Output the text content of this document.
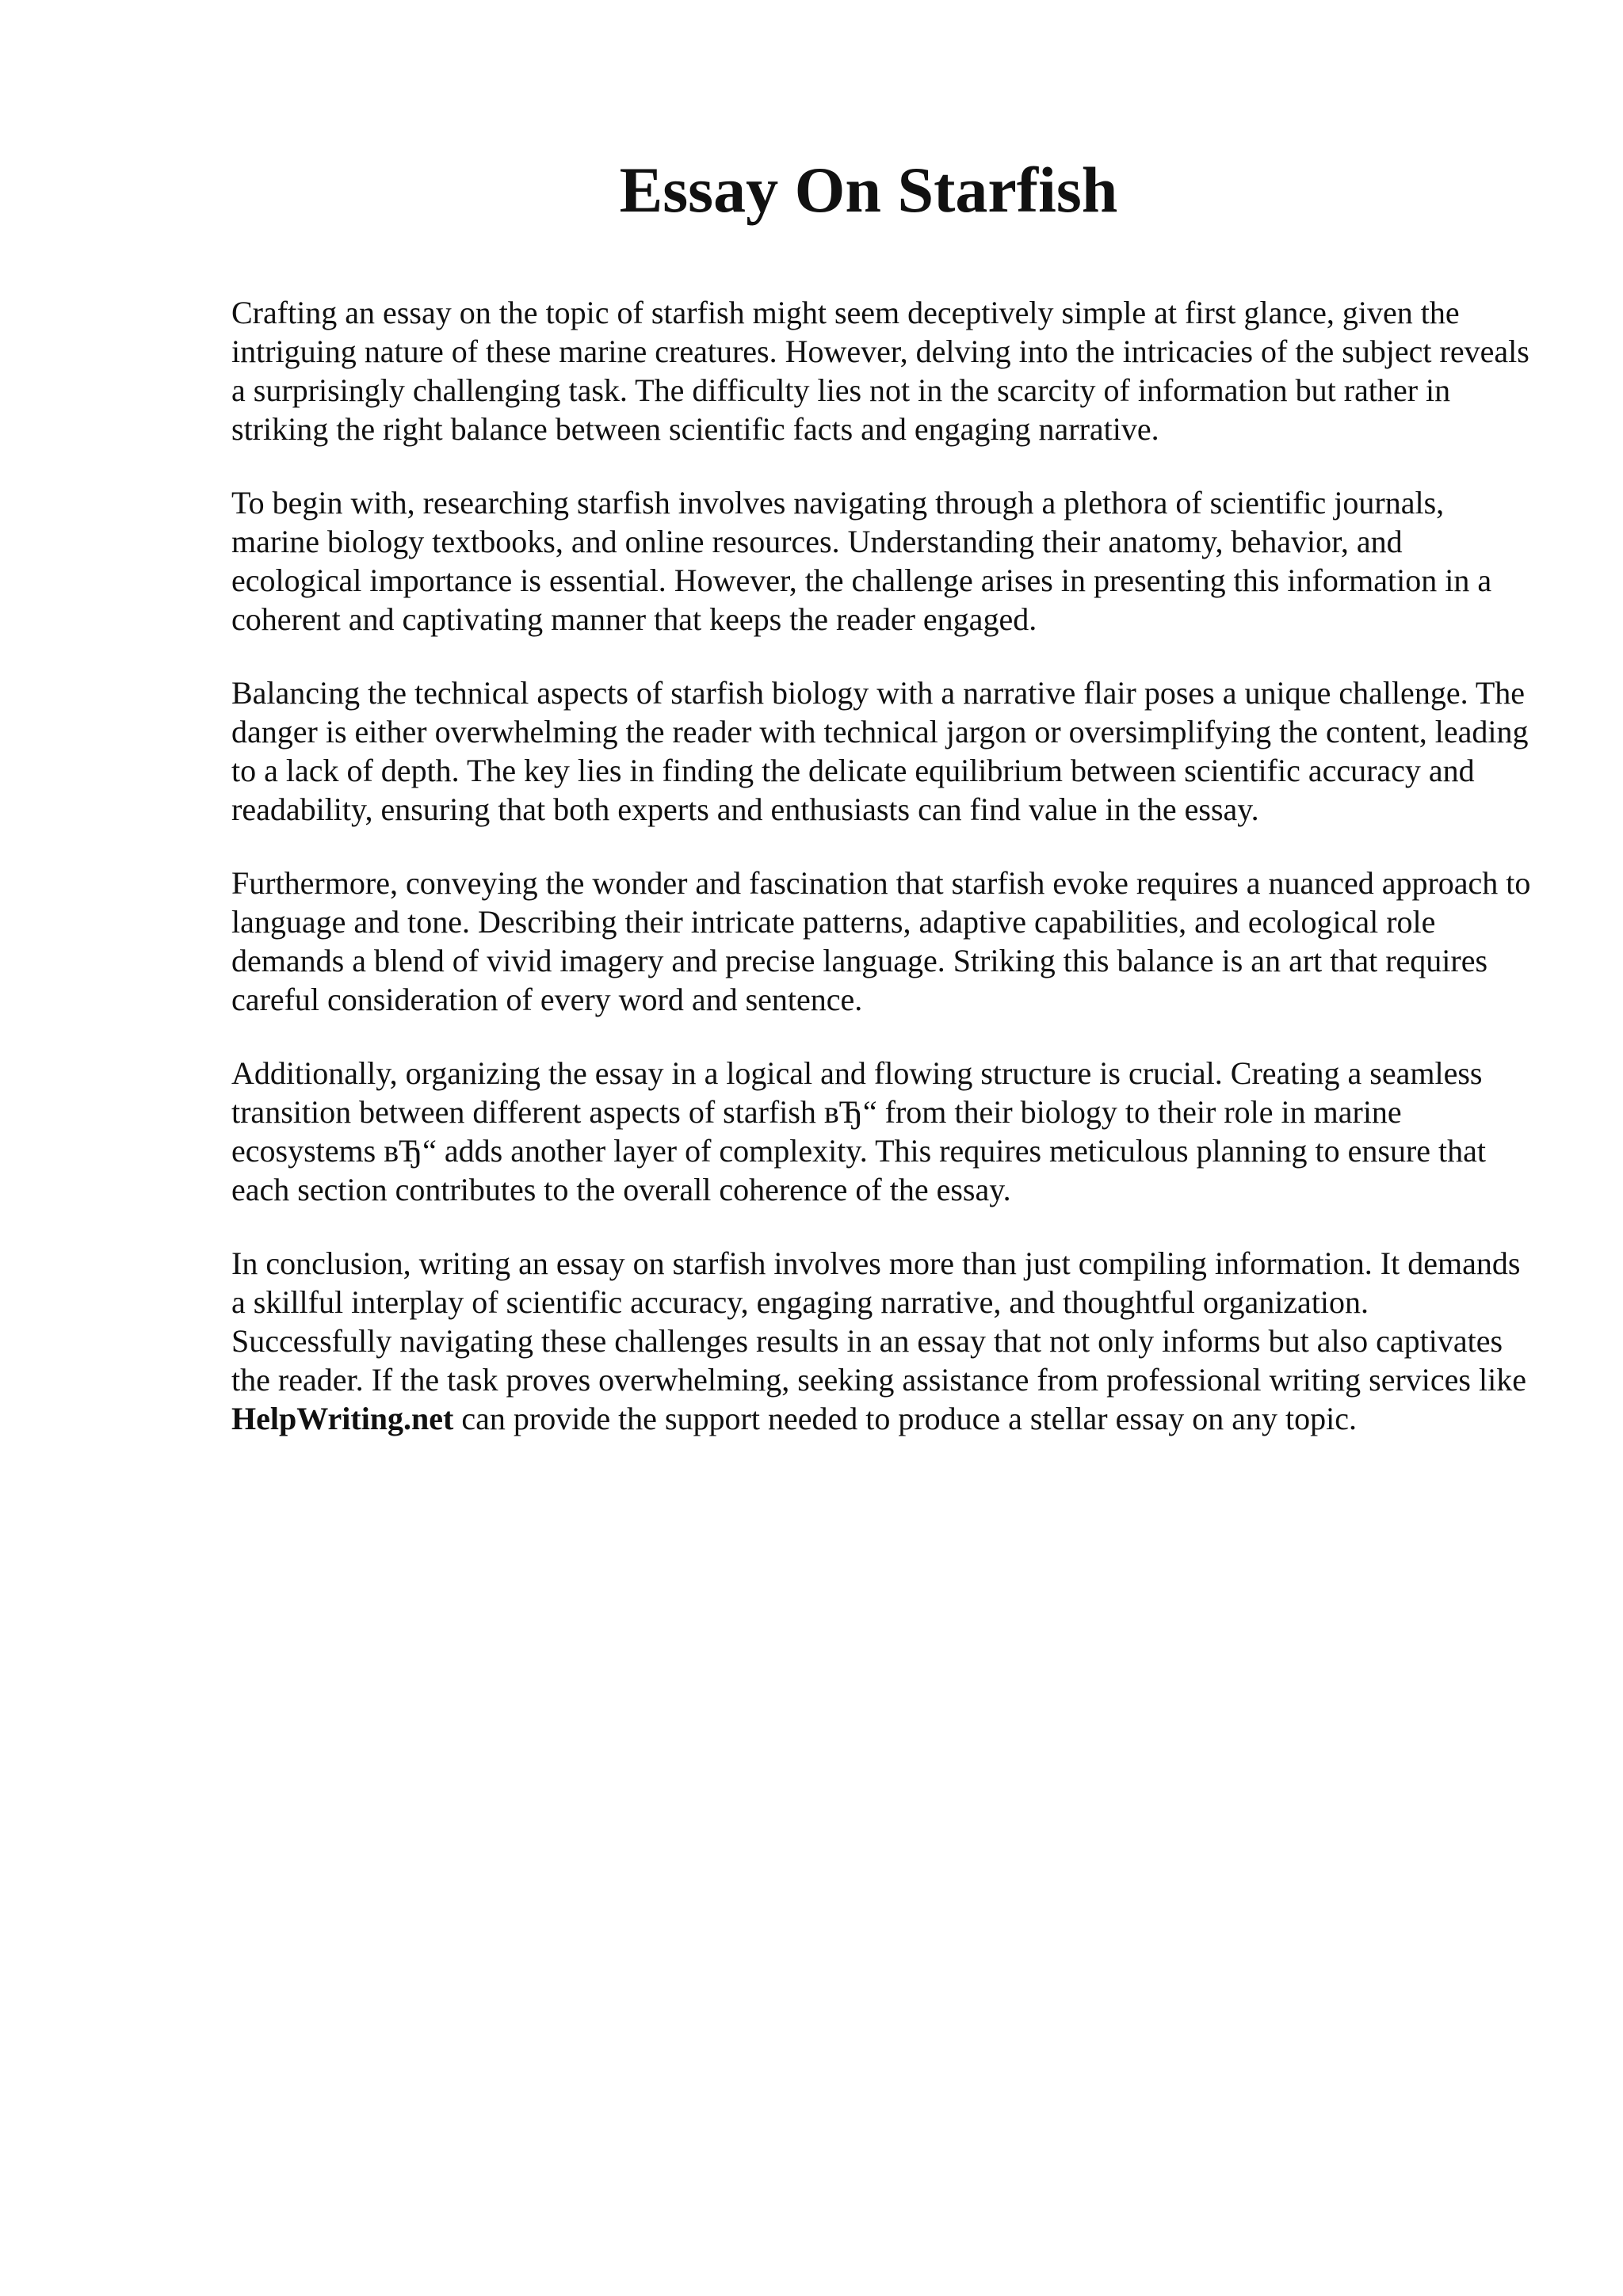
Essay On Starfish

Crafting an essay on the topic of starfish might seem deceptively simple at first glance, given the intriguing nature of these marine creatures. However, delving into the intricacies of the subject reveals a surprisingly challenging task. The difficulty lies not in the scarcity of information but rather in striking the right balance between scientific facts and engaging narrative.

To begin with, researching starfish involves navigating through a plethora of scientific journals, marine biology textbooks, and online resources. Understanding their anatomy, behavior, and ecological importance is essential. However, the challenge arises in presenting this information in a coherent and captivating manner that keeps the reader engaged.

Balancing the technical aspects of starfish biology with a narrative flair poses a unique challenge. The danger is either overwhelming the reader with technical jargon or oversimplifying the content, leading to a lack of depth. The key lies in finding the delicate equilibrium between scientific accuracy and readability, ensuring that both experts and enthusiasts can find value in the essay.

Furthermore, conveying the wonder and fascination that starfish evoke requires a nuanced approach to language and tone. Describing their intricate patterns, adaptive capabilities, and ecological role demands a blend of vivid imagery and precise language. Striking this balance is an art that requires careful consideration of every word and sentence.

Additionally, organizing the essay in a logical and flowing structure is crucial. Creating a seamless transition between different aspects of starfish вЂ“ from their biology to their role in marine ecosystems вЂ“ adds another layer of complexity. This requires meticulous planning to ensure that each section contributes to the overall coherence of the essay.

In conclusion, writing an essay on starfish involves more than just compiling information. It demands a skillful interplay of scientific accuracy, engaging narrative, and thoughtful organization. Successfully navigating these challenges results in an essay that not only informs but also captivates the reader. If the task proves overwhelming, seeking assistance from professional writing services like HelpWriting.net can provide the support needed to produce a stellar essay on any topic.
